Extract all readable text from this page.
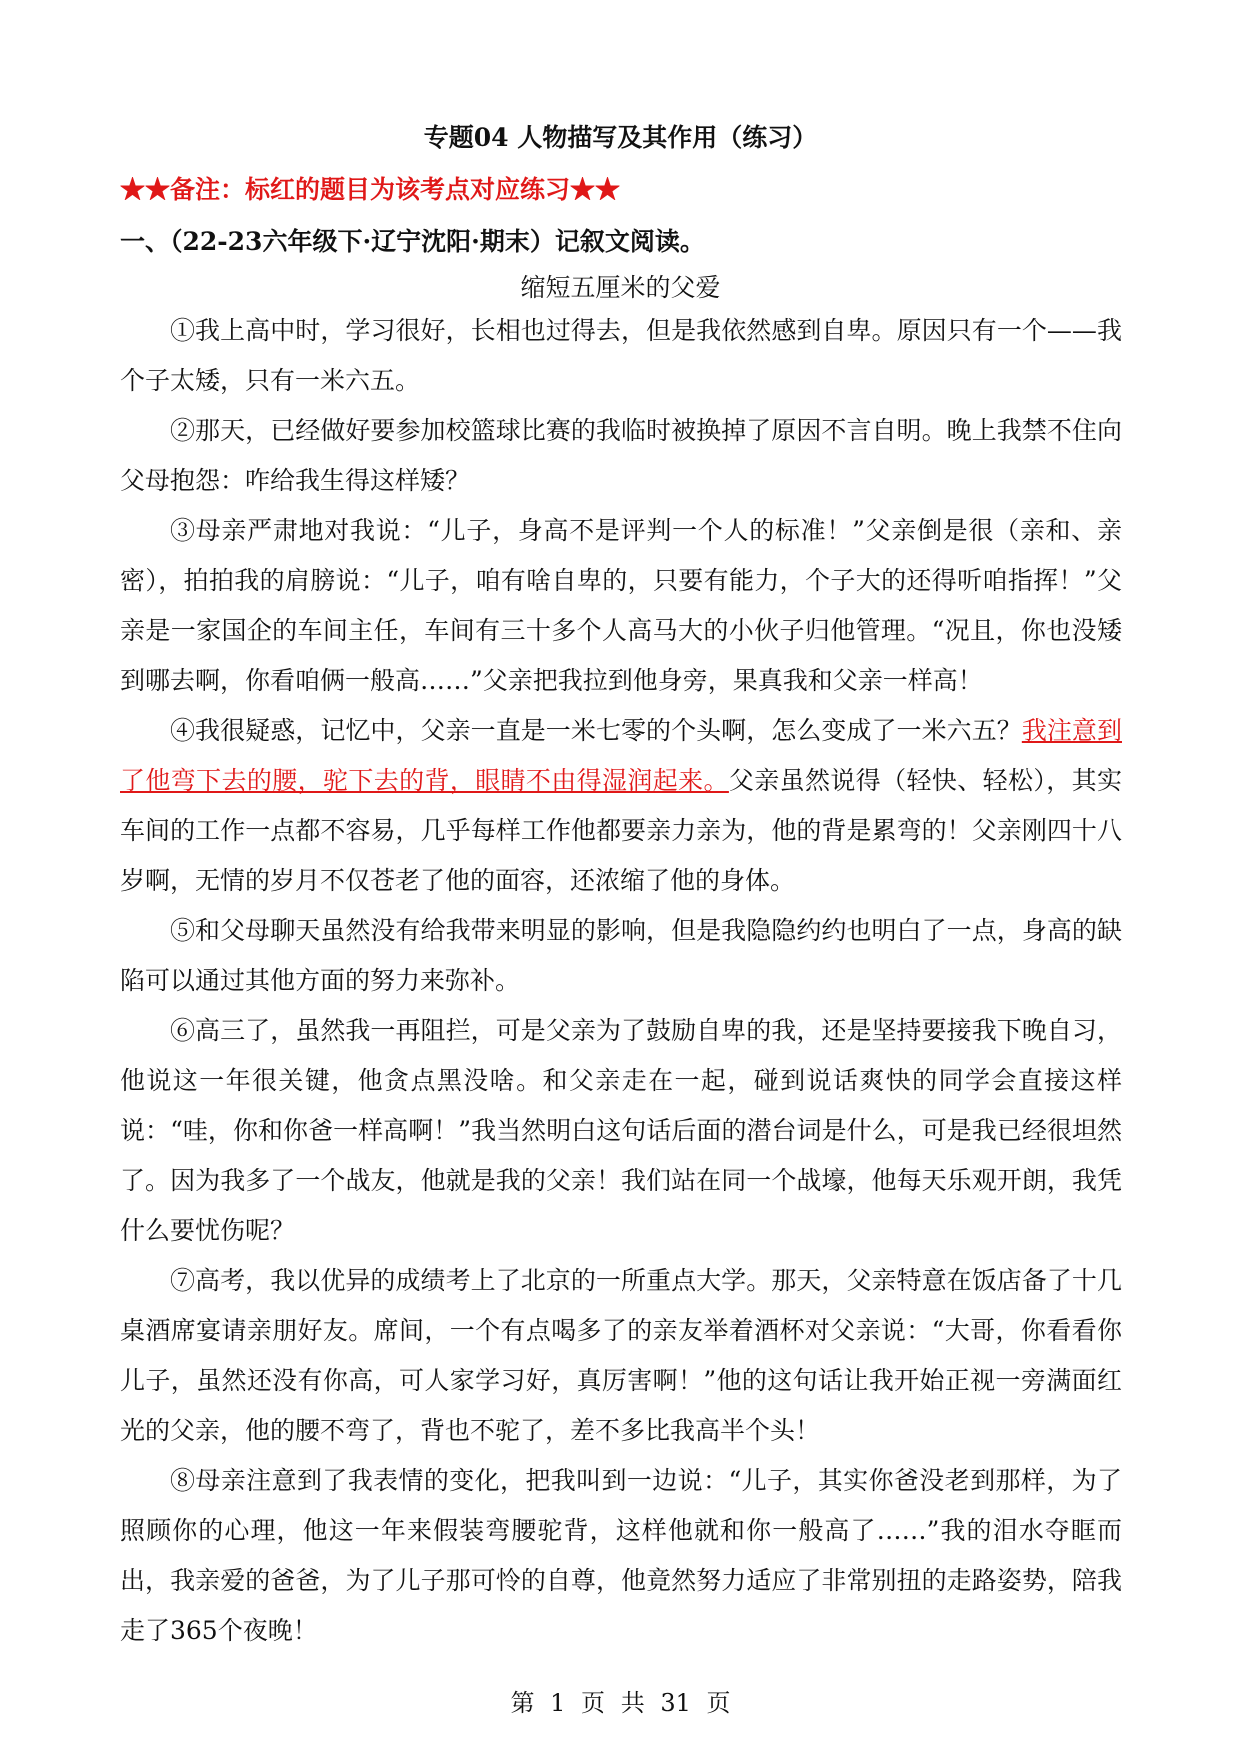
专题04 人物描写及其作用（练习）
★★备注：标红的题目为该考点对应练习★★
一、（22-23六年级下·辽宁沈阳·期末）记叙文阅读。
缩短五厘米的父爱

①我上高中时，学习很好，长相也过得去，但是我依然感到自卑。原因只有一个——我个子太矮，只有一米六五。

②那天，已经做好要参加校篮球比赛的我临时被换掉了原因不言自明。晚上我禁不住向父母抱怨：咋给我生得这样矮？

③母亲严肃地对我说：“儿子，身高不是评判一个人的标准！”父亲倒是很（亲和、亲密），拍拍我的肩膀说：“儿子，咱有啥自卑的，只要有能力，个子大的还得听咱指挥！”父亲是一家国企的车间主任，车间有三十多个人高马大的小伙子归他管理。“况且，你也没矮到哪去啊，你看咱俩一般高……”父亲把我拉到他身旁，果真我和父亲一样高！

④我很疑惑，记忆中，父亲一直是一米七零的个头啊，怎么变成了一米六五？我注意到了他弯下去的腰，驼下去的背，眼睛不由得湿润起来。父亲虽然说得（轻快、轻松），其实车间的工作一点都不容易，几乎每样工作他都要亲力亲为，他的背是累弯的！父亲刚四十八岁啊，无情的岁月不仅苍老了他的面容，还浓缩了他的身体。

⑤和父母聊天虽然没有给我带来明显的影响，但是我隐隐约约也明白了一点，身高的缺陷可以通过其他方面的努力来弥补。

⑥高三了，虽然我一再阻拦，可是父亲为了鼓励自卑的我，还是坚持要接我下晚自习，他说这一年很关键，他贪点黑没啥。和父亲走在一起，碰到说话爽快的同学会直接这样说：“哇，你和你爸一样高啊！”我当然明白这句话后面的潜台词是什么，可是我已经很坦然了。因为我多了一个战友，他就是我的父亲！我们站在同一个战壕，他每天乐观开朗，我凭什么要忧伤呢？

⑦高考，我以优异的成绩考上了北京的一所重点大学。那天，父亲特意在饭店备了十几桌酒席宴请亲朋好友。席间，一个有点喝多了的亲友举着酒杯对父亲说：“大哥，你看看你儿子，虽然还没有你高，可人家学习好，真厉害啊！”他的这句话让我开始正视一旁满面红光的父亲，他的腰不弯了，背也不驼了，差不多比我高半个头！

⑧母亲注意到了我表情的变化，把我叫到一边说：“儿子，其实你爸没老到那样，为了照顾你的心理，他这一年来假装弯腰驼背，这样他就和你一般高了……”我的泪水夺眶而出，我亲爱的爸爸，为了儿子那可怜的自尊，他竟然努力适应了非常别扭的走路姿势，陪我走了365个夜晚！

第 1 页 共 31 页
